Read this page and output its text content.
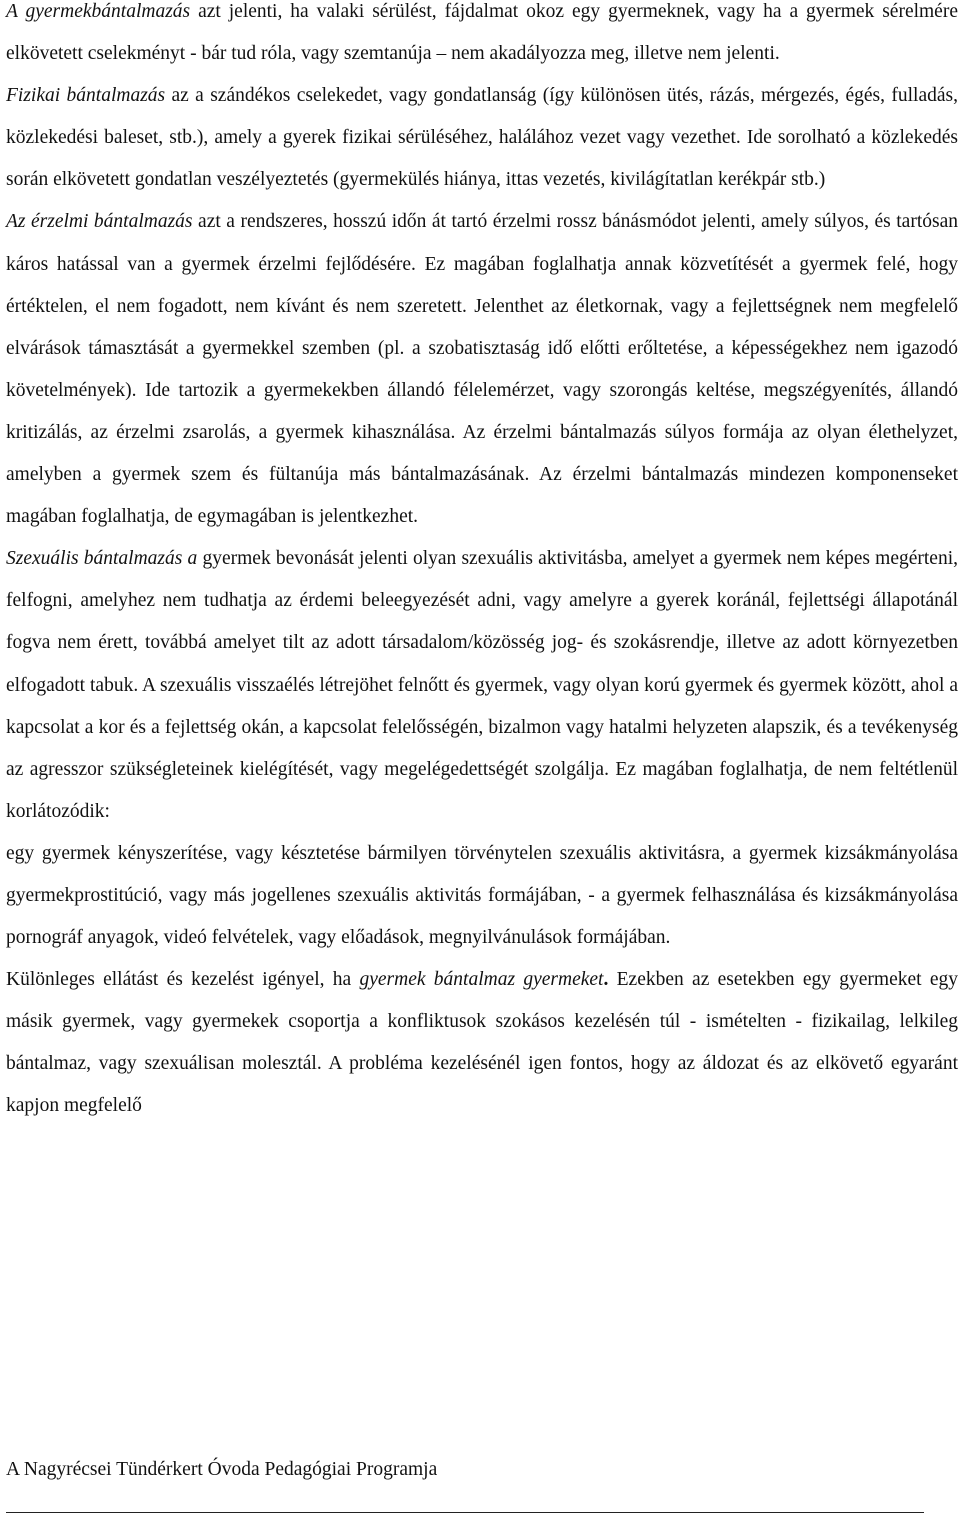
A gyermekbántalmazás azt jelenti, ha valaki sérülést, fájdalmat okoz egy gyermeknek, vagy ha a gyermek sérelmére elkövetett cselekményt - bár tud róla, vagy szemtanúja – nem akadályozza meg, illetve nem jelenti.

Fizikai bántalmazás az a szándékos cselekedet, vagy gondatlanság (így különösen ütés, rázás, mérgezés, égés, fulladás, közlekedési baleset, stb.), amely a gyerek fizikai sérüléséhez, halálához vezet vagy vezethet. Ide sorolható a közlekedés során elkövetett gondatlan veszélyeztetés (gyermekülés hiánya, ittas vezetés, kivilágítatlan kerékpár stb.)

Az érzelmi bántalmazás azt a rendszeres, hosszú időn át tartó érzelmi rossz bánásmódot jelenti, amely súlyos, és tartósan káros hatással van a gyermek érzelmi fejlődésére. Ez magában foglalhatja annak közvetítését a gyermek felé, hogy értéktelen, el nem fogadott, nem kívánt és nem szeretett. Jelenthet az életkornak, vagy a fejlettségnek nem megfelelő elvárások támasztását a gyermekkel szemben (pl. a szobatisztaság idő előtti erőltetése, a képességekhez nem igazodó követelmények). Ide tartozik a gyermekekben állandó félelemérzet, vagy szorongás keltése, megszégyenítés, állandó kritizálás, az érzelmi zsarolás, a gyermek kihasználása. Az érzelmi bántalmazás súlyos formája az olyan élethelyzet, amelyben a gyermek szem és fültanúja más bántalmazásának. Az érzelmi bántalmazás mindezen komponenseket magában foglalhatja, de egymagában is jelentkezhet.

Szexuális bántalmazás a gyermek bevonását jelenti olyan szexuális aktivitásba, amelyet a gyermek nem képes megérteni, felfogni, amelyhez nem tudhatja az érdemi beleegyezését adni, vagy amelyre a gyerek koránál, fejlettségi állapotánál fogva nem érett, továbbá amelyet tilt az adott társadalom/közösség jog- és szokásrendje, illetve az adott környezetben elfogadott tabuk. A szexuális visszaélés létrejöhet felnőtt és gyermek, vagy olyan korú gyermek és gyermek között, ahol a kapcsolat a kor és a fejlettség okán, a kapcsolat felelősségén, bizalmon vagy hatalmi helyzeten alapszik, és a tevékenység az agresszor szükségleteinek kielégítését, vagy megelégedettségét szolgálja. Ez magában foglalhatja, de nem feltétlenül korlátozódik:

egy gyermek kényszerítése, vagy késztetése bármilyen törvénytelen szexuális aktivitásra, a gyermek kizsákmányolása gyermekprostitúció, vagy más jogellenes szexuális aktivitás formájában, - a gyermek felhasználása és kizsákmányolása pornográf anyagok, videó felvételek, vagy előadások, megnyilvánulások formájában.

Különleges ellátást és kezelést igényel, ha gyermek bántalmaz gyermeket. Ezekben az esetekben egy gyermeket egy másik gyermek, vagy gyermekek csoportja a konfliktusok szokásos kezelésén túl - ismételten - fizikailag, lelkileg bántalmaz, vagy szexuálisan molesztál. A probléma kezelésénél igen fontos, hogy az áldozat és az elkövető egyaránt kapjon megfelelő

A Nagyrécsei Tündérkert Óvoda Pedagógiai Programja
